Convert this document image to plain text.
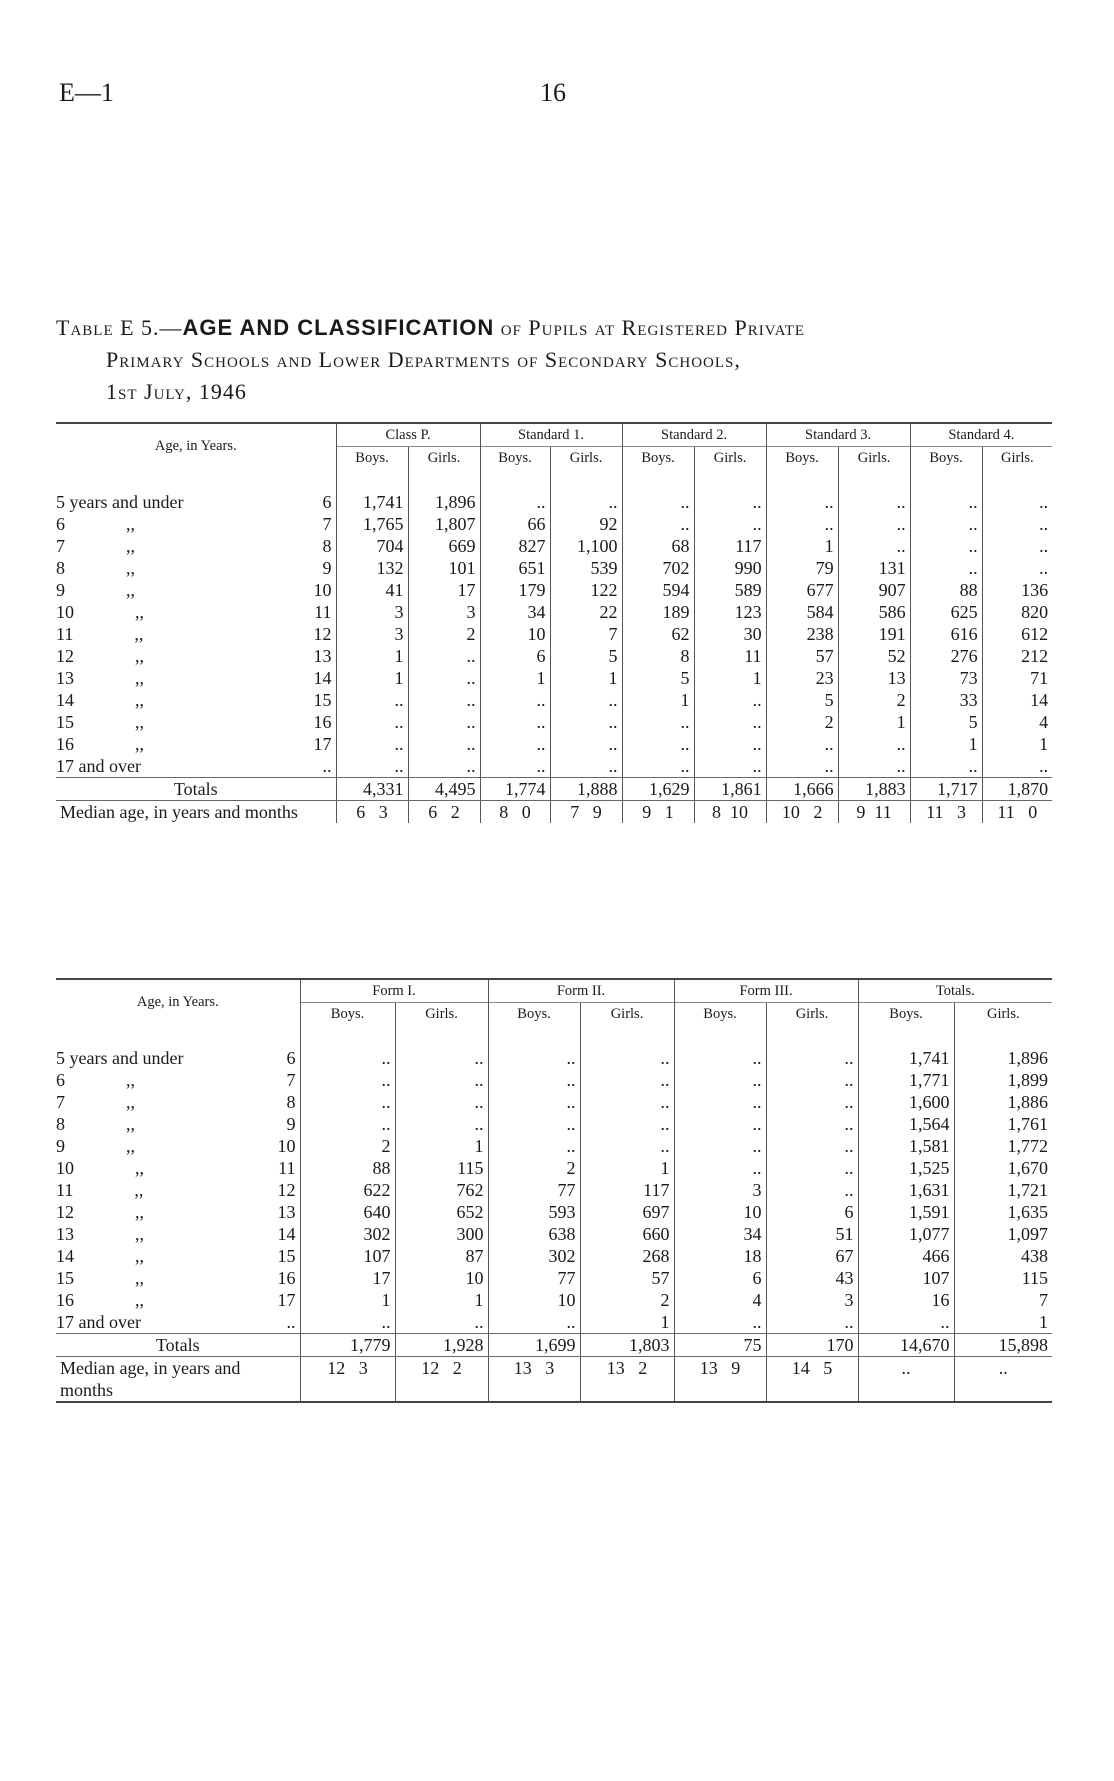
E—1	16
Table E 5.—AGE AND CLASSIFICATION of Pupils at Registered Private
Primary Schools and Lower Departments of Secondary Schools,
1st July, 1946
Age, in Years.		Class P.		Standard 1.		Standard 2.		Standard 3.		Standard 4.	
		Boys.	Girls.	Boys.	Girls.	Boys.	Girls.	Boys.	Girls.	Boys.	Girls.

5 years and under	6	1,741	1,896	..	..	..	..	..	..	..	..
6 ,,	7	1,765	1,807	66	92	..	..	..	..	..	..
7 ,,	8	704	669	827	1,100	68	117	1	..	..	..
8 ,,	9	132	101	651	539	702	990	79	131	..	..
9 ,,	10	41	17	179	122	594	589	677	907	88	136
10 ,,	11	3	3	34	22	189	123	584	586	625	820
11 ,,	12	3	2	10	7	62	30	238	191	616	612
12 ,,	13	1	..	6	5	8	11	57	52	276	212
13 ,,	14	1	..	1	1	5	1	23	13	73	71
14 ,,	15	..	..	..	..	1	..	5	2	33	14
15 ,,	16	..	..	..	..	..	..	2	1	5	4
16 ,,	17	..	..	..	..	..	..	..	..	1	1
17 and over	..	..	..	..	..	..	..	..	..	..	..
Totals		4,331	4,495	1,774	1,888	1,629	1,861	1,666	1,883	1,717	1,870
Median age, in years and months		6   3	6   2	8   0	7   9	9   1	8  10	10   2	9  11	11   3	11   0
Age, in Years.		Form I.		Form II.		Form III.		Totals.	
		Boys.	Girls.	Boys.	Girls.	Boys.	Girls.	Boys.	Girls.

5 years and under	6	..	..	..	..	..	..	1,741	1,896
6 ,,	7	..	..	..	..	..	..	1,771	1,899
7 ,,	8	..	..	..	..	..	..	1,600	1,886
8 ,,	9	..	..	..	..	..	..	1,564	1,761
9 ,,	10	2	1	..	..	..	..	1,581	1,772
10 ,,	11	88	115	2	1	..	..	1,525	1,670
11 ,,	12	622	762	77	117	3	..	1,631	1,721
12 ,,	13	640	652	593	697	10	6	1,591	1,635
13 ,,	14	302	300	638	660	34	51	1,077	1,097
14 ,,	15	107	87	302	268	18	67	466	438
15 ,,	16	17	10	77	57	6	43	107	115
16 ,,	17	1	1	10	2	4	3	16	7
17 and over	..	..	..	..	1	..	..	..	1
Totals		1,779	1,928	1,699	1,803	75	170	14,670	15,898
Median age, in years and months		12   3	12   2	13   3	13   2	13   9	14   5	..	..
